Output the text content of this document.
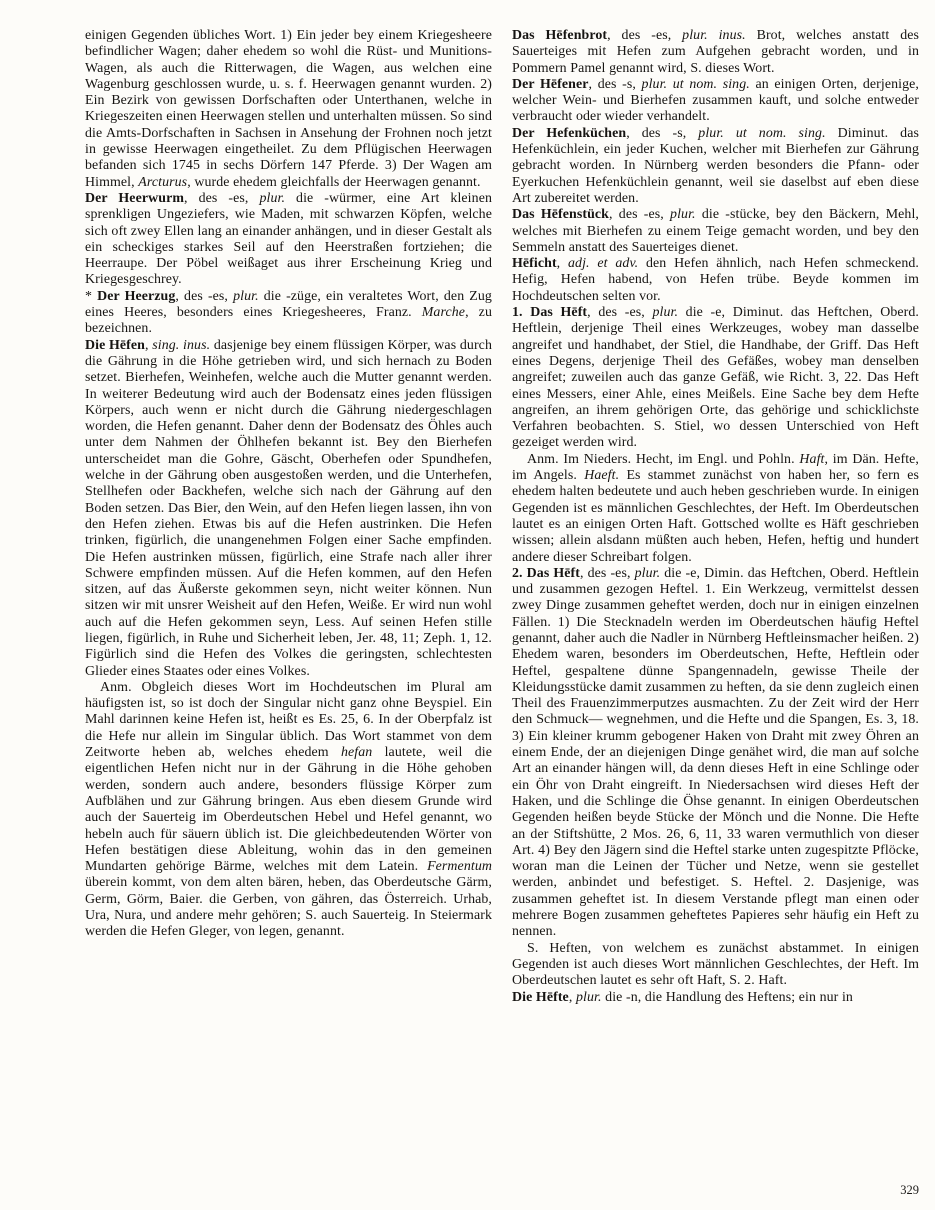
einigen Gegenden übliches Wort. 1) Ein jeder bey einem Kriegesheere befindlicher Wagen; daher ehedem so wohl die Rüst- und Munitions-Wagen, als auch die Ritterwagen, die Wagen, aus welchen eine Wagenburg geschlossen wurde, u. s. f. Heerwagen genannt wurden. 2) Ein Bezirk von gewissen Dorfschaften oder Unterthanen, welche in Kriegeszeiten einen Heerwagen stellen und unterhalten müssen. So sind die Amts-Dorfschaften in Sachsen in Ansehung der Frohnen noch jetzt in gewisse Heerwagen eingetheilet. Zu dem Pflügischen Heerwagen befanden sich 1745 in sechs Dörfern 147 Pferde. 3) Der Wagen am Himmel, Arcturus, wurde ehedem gleichfalls der Heerwagen genannt.

Der Heerwurm, des -es, plur. die -würmer, eine Art kleinen sprenkligen Ungeziefers, wie Maden, mit schwarzen Köpfen, welche sich oft zwey Ellen lang an einander anhängen, und in dieser Gestalt als ein scheckiges starkes Seil auf den Heerstraßen fortziehen; die Heerraupe. Der Pöbel weißaget aus ihrer Erscheinung Krieg und Kriegesgeschrey.

* Der Heerzug, des -es, plur. die -züge, ein veraltetes Wort, den Zug eines Heeres, besonders eines Kriegesheeres, Franz. Marche, zu bezeichnen.

Die Hēfen, sing. inus. dasjenige bey einem flüssigen Körper, was durch die Gährung in die Höhe getrieben wird, und sich hernach zu Boden setzet. Bierhefen, Weinhefen, welche auch die Mutter genannt werden. In weiterer Bedeutung wird auch der Bodensatz eines jeden flüssigen Körpers, auch wenn er nicht durch die Gährung niedergeschlagen worden, die Hefen genannt. Daher denn der Bodensatz des Öhles auch unter dem Nahmen der Öhlhefen bekannt ist. Bey den Bierhefen unterscheidet man die Gohre, Gäscht, Oberhefen oder Spundhefen, welche in der Gährung oben ausgestoßen werden, und die Unterhefen, Stellhefen oder Backhefen, welche sich nach der Gährung auf den Boden setzen. Das Bier, den Wein, auf den Hefen liegen lassen, ihn von den Hefen ziehen. Etwas bis auf die Hefen austrinken. Die Hefen trinken, figürlich, die unangenehmen Folgen einer Sache empfinden. Die Hefen austrinken müssen, figürlich, eine Strafe nach aller ihrer Schwere empfinden müssen. Auf die Hefen kommen, auf den Hefen sitzen, auf das Äußerste gekommen seyn, nicht weiter können. Nun sitzen wir mit unsrer Weisheit auf den Hefen, Weiße. Er wird nun wohl auch auf die Hefen gekommen seyn, Less. Auf seinen Hefen stille liegen, figürlich, in Ruhe und Sicherheit leben, Jer. 48, 11; Zeph. 1, 12. Figürlich sind die Hefen des Volkes die geringsten, schlechtesten Glieder eines Staates oder eines Volkes.

Anm. Obgleich dieses Wort im Hochdeutschen im Plural am häufigsten ist, so ist doch der Singular nicht ganz ohne Beyspiel. Ein Mahl darinnen keine Hefen ist, heißt es Es. 25, 6. In der Oberpfalz ist die Hefe nur allein im Singular üblich. Das Wort stammet von dem Zeitworte heben ab, welches ehedem hefan lautete, weil die eigentlichen Hefen nicht nur in der Gährung in die Höhe gehoben werden, sondern auch andere, besonders flüssige Körper zum Aufblähen und zur Gährung bringen. Aus eben diesem Grunde wird auch der Sauerteig im Oberdeutschen Hebel und Hefel genannt, wo hebeln auch für säuern üblich ist. Die gleichbedeutenden Wörter von Hefen bestätigen diese Ableitung, wohin das in den gemeinen Mundarten gehörige Bärme, welches mit dem Latein. Fermentum überein kommt, von dem alten bären, heben, das Oberdeutsche Gärm, Germ, Görm, Baier. die Gerben, von gähren, das Österreich. Urhab, Ura, Nura, und andere mehr gehören; S. auch Sauerteig. In Steiermark werden die Hefen Gleger, von legen, genannt.

Das Hēfenbrot, des -es, plur. inus. Brot, welches anstatt des Sauerteiges mit Hefen zum Aufgehen gebracht worden, und in Pommern Pamel genannt wird, S. dieses Wort.

Der Hēfener, des -s, plur. ut nom. sing. an einigen Orten, derjenige, welcher Wein- und Bierhefen zusammen kauft, und solche entweder verbraucht oder wieder verhandelt.

Der Hefenküchen, des -s, plur. ut nom. sing. Diminut. das Hefenküchlein, ein jeder Kuchen, welcher mit Bierhefen zur Gährung gebracht worden. In Nürnberg werden besonders die Pfann- oder Eyerkuchen Hefenküchlein genannt, weil sie daselbst auf eben diese Art zubereitet werden.

Das Hēfenstück, des -es, plur. die -stücke, bey den Bäckern, Mehl, welches mit Bierhefen zu einem Teige gemacht worden, und bey den Semmeln anstatt des Sauerteiges dienet.

Hēficht, adj. et adv. den Hefen ähnlich, nach Hefen schmeckend. Hefig, Hefen habend, von Hefen trübe. Beyde kommen im Hochdeutschen selten vor.

1. Das Hēft, des -es, plur. die -e, Diminut. das Heftchen, Oberd. Heftlein, derjenige Theil eines Werkzeuges, wobey man dasselbe angreifet und handhabet, der Stiel, die Handhabe, der Griff. Das Heft eines Degens, derjenige Theil des Gefäßes, wobey man denselben angreifet; zuweilen auch das ganze Gefäß, wie Richt. 3, 22. Das Heft eines Messers, einer Ahle, eines Meißels. Eine Sache bey dem Hefte angreifen, an ihrem gehörigen Orte, das gehörige und schicklichste Verfahren beobachten. S. Stiel, wo dessen Unterschied von Heft gezeiget werden wird.

Anm. Im Nieders. Hecht, im Engl. und Pohln. Haft, im Dän. Hefte, im Angels. Haeft. Es stammet zunächst von haben her, so fern es ehedem halten bedeutete und auch heben geschrieben wurde. In einigen Gegenden ist es männlichen Geschlechtes, der Heft. Im Oberdeutschen lautet es an einigen Orten Haft. Gottsched wollte es Häft geschrieben wissen; allein alsdann müßten auch heben, Hefen, heftig und hundert andere dieser Schreibart folgen.

2. Das Hēft, des -es, plur. die -e, Dimin. das Heftchen, Oberd. Heftlein und zusammen gezogen Heftel. 1. Ein Werkzeug, vermittelst dessen zwey Dinge zusammen geheftet werden, doch nur in einigen einzelnen Fällen. 1) Die Stecknadeln werden im Oberdeutschen häufig Heftel genannt, daher auch die Nadler in Nürnberg Heftleinsmacher heißen. 2) Ehedem waren, besonders im Oberdeutschen, Hefte, Heftlein oder Heftel, gespaltene dünne Spangennadeln, gewisse Theile der Kleidungsstücke damit zusammen zu heften, da sie denn zugleich einen Theil des Frauenzimmerputzes ausmachten. Zu der Zeit wird der Herr den Schmuck— wegnehmen, und die Hefte und die Spangen, Es. 3, 18. 3) Ein kleiner krumm gebogener Haken von Draht mit zwey Öhren an einem Ende, der an diejenigen Dinge genähet wird, die man auf solche Art an einander hängen will, da denn dieses Heft in eine Schlinge oder ein Öhr von Draht eingreift. In Niedersachsen wird dieses Heft der Haken, und die Schlinge die Öhse genannt. In einigen Oberdeutschen Gegenden heißen beyde Stücke der Mönch und die Nonne. Die Hefte an der Stiftshütte, 2 Mos. 26, 6, 11, 33 waren vermuthlich von dieser Art. 4) Bey den Jägern sind die Heftel starke unten zugespitzte Pflöcke, woran man die Leinen der Tücher und Netze, wenn sie gestellet werden, anbindet und befestiget. S. Heftel. 2. Dasjenige, was zusammen geheftet ist. In diesem Verstande pflegt man einen oder mehrere Bogen zusammen geheftetes Papieres sehr häufig ein Heft zu nennen.

S. Heften, von welchem es zunächst abstammet. In einigen Gegenden ist auch dieses Wort männlichen Geschlechtes, der Heft. Im Oberdeutschen lautet es sehr oft Haft, S. 2. Haft.

Die Hēfte, plur. die -n, die Handlung des Heftens; ein nur in

329
